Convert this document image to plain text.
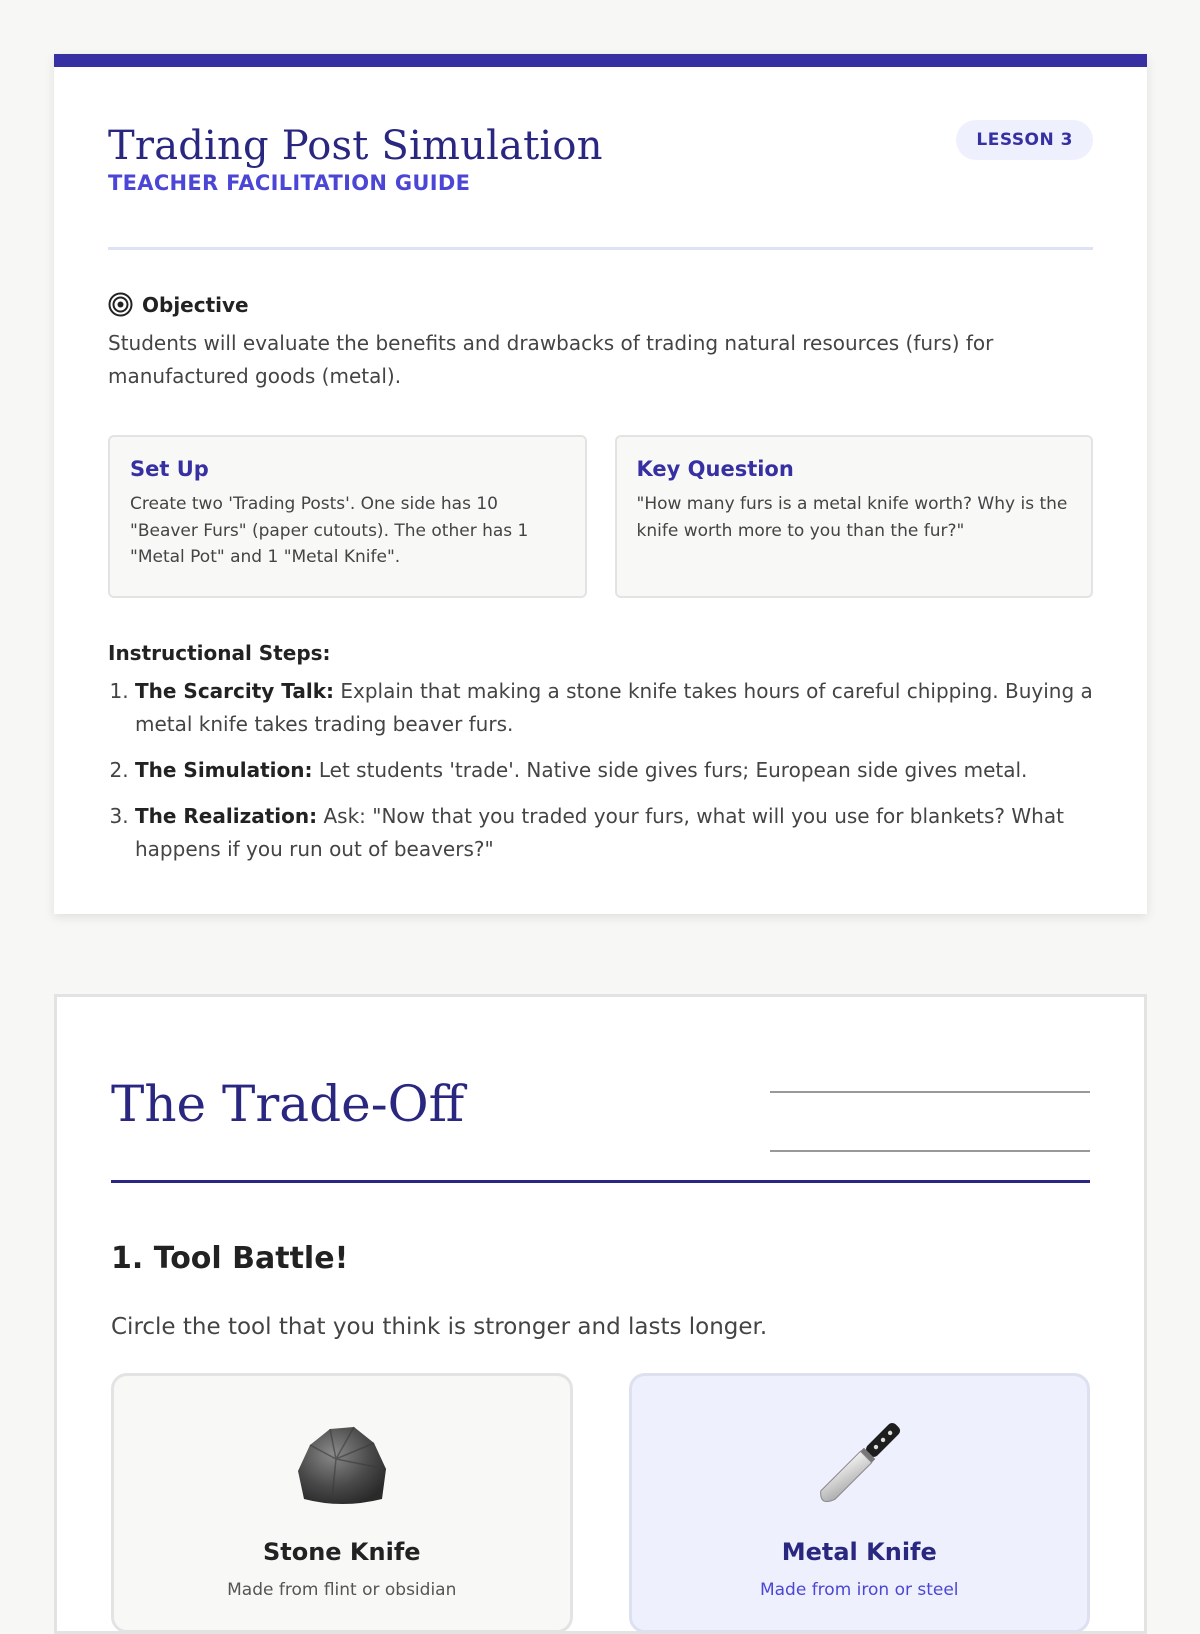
Trading Post Simulation
TEACHER FACILITATION GUIDE
LESSON 3
Objective
Students will evaluate the benefits and drawbacks of trading natural resources (furs) for manufactured goods (metal).
Set Up
Create two 'Trading Posts'. One side has 10 "Beaver Furs" (paper cutouts). The other has 1 "Metal Pot" and 1 "Metal Knife".
Key Question
"How many furs is a metal knife worth? Why is the knife worth more to you than the fur?"
Instructional Steps:
1. The Scarcity Talk: Explain that making a stone knife takes hours of careful chipping. Buying a metal knife takes trading beaver furs.
2. The Simulation: Let students 'trade'. Native side gives furs; European side gives metal.
3. The Realization: Ask: "Now that you traded your furs, what will you use for blankets? What happens if you run out of beavers?"
The Trade-Off
1. Tool Battle!
Circle the tool that you think is stronger and lasts longer.
Stone Knife
Made from flint or obsidian
Metal Knife
Made from iron or steel
